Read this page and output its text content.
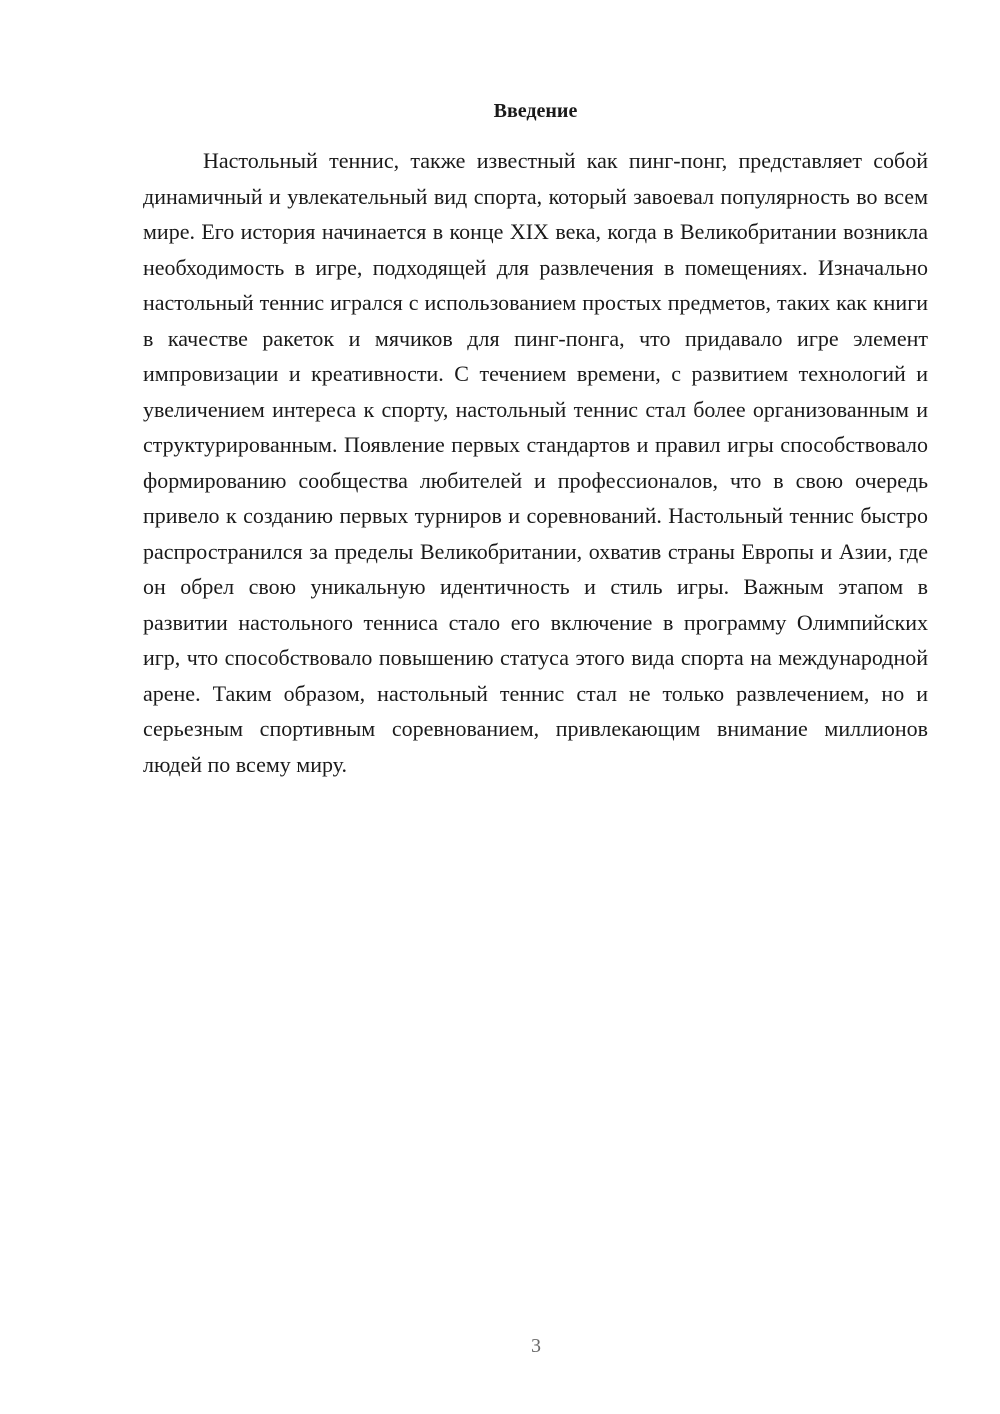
Введение

Настольный теннис, также известный как пинг-понг, представляет собой динамичный и увлекательный вид спорта, который завоевал популярность во всем мире. Его история начинается в конце XIX века, когда в Великобритании возникла необходимость в игре, подходящей для развлечения в помещениях. Изначально настольный теннис игрался с использованием простых предметов, таких как книги в качестве ракеток и мячиков для пинг-понга, что придавало игре элемент импровизации и креативности. С течением времени, с развитием технологий и увеличением интереса к спорту, настольный теннис стал более организованным и структурированным. Появление первых стандартов и правил игры способствовало формированию сообщества любителей и профессионалов, что в свою очередь привело к созданию первых турниров и соревнований. Настольный теннис быстро распространился за пределы Великобритании, охватив страны Европы и Азии, где он обрел свою уникальную идентичность и стиль игры. Важным этапом в развитии настольного тенниса стало его включение в программу Олимпийских игр, что способствовало повышению статуса этого вида спорта на международной арене. Таким образом, настольный теннис стал не только развлечением, но и серьезным спортивным соревнованием, привлекающим внимание миллионов людей по всему миру.

3
